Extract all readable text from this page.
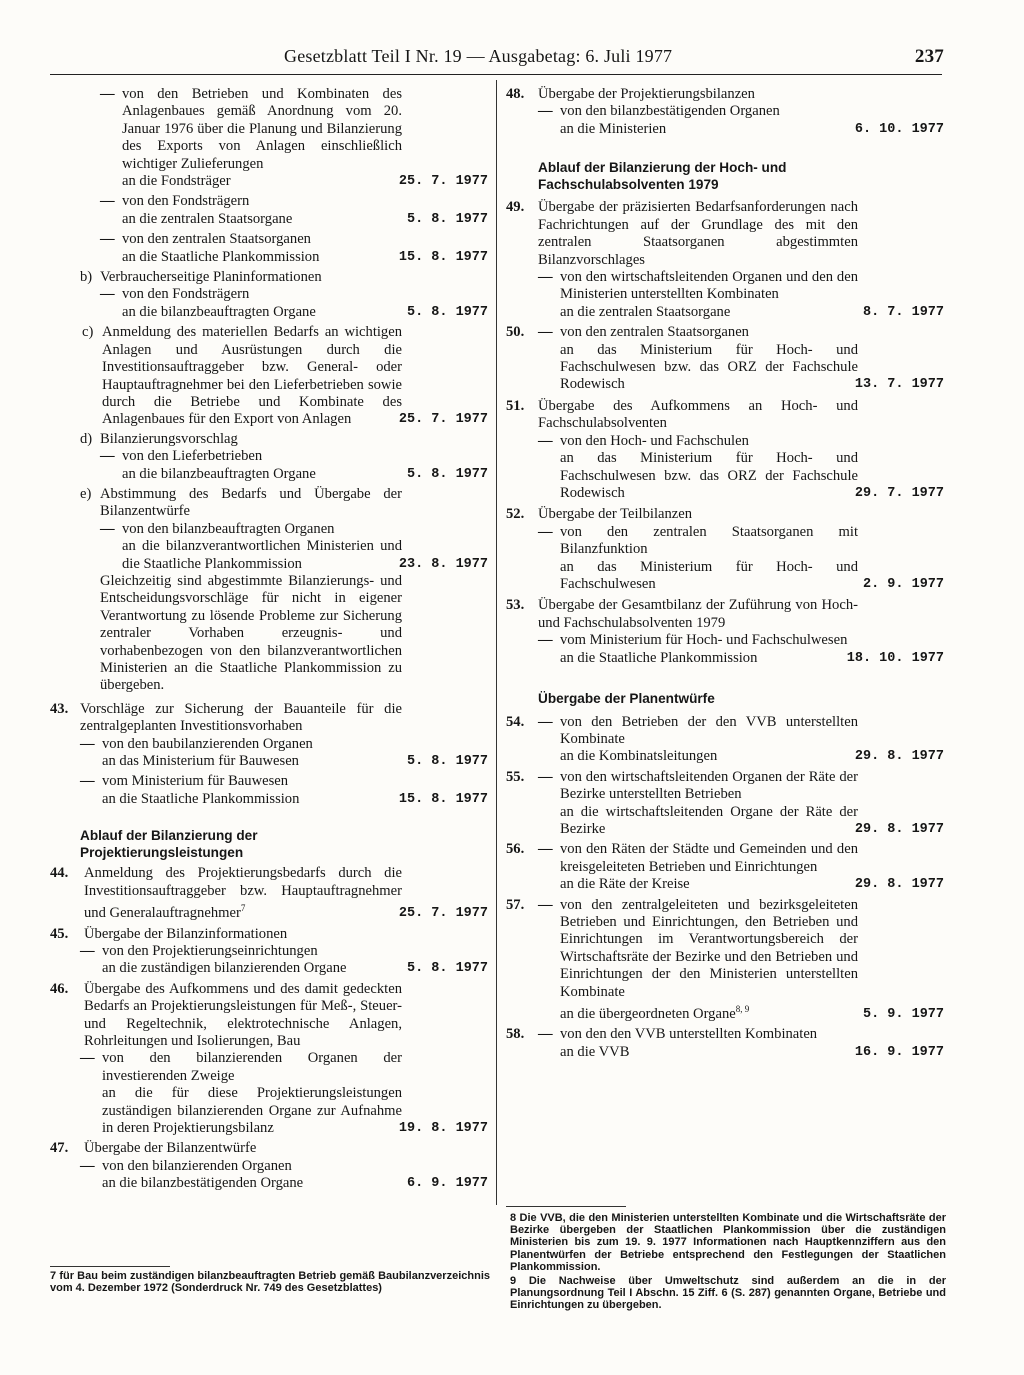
Gesetzblatt Teil I Nr. 19 — Ausgabetag: 6. Juli 1977	237
— von den Betrieben und Kombinaten des Anlagenbaues gemäß Anordnung vom 20. Januar 1976 über die Planung und Bilanzierung des Exports von Anlagen einschließlich wichtiger Zulieferungen
an die Fondsträger	25. 7. 1977
— von den Fondsträgern
an die zentralen Staatsorgane	5. 8. 1977
— von den zentralen Staatsorganen
an die Staatliche Plankommission	15. 8. 1977
b) Verbraucherseitige Planinformationen
— von den Fondsträgern
an die bilanzbeauftragten Organe	5. 8. 1977
c) Anmeldung des materiellen Bedarfs an wichtigen Anlagen und Ausrüstungen durch die Investitionsauftraggeber bzw. General- oder Hauptauftragnehmer bei den Lieferbetrieben sowie durch die Betriebe und Kombinate des Anlagenbaues für den Export von Anlagen	25. 7. 1977
d) Bilanzierungsvorschlag
— von den Lieferbetrieben
an die bilanzbeauftragten Organe	5. 8. 1977
e) Abstimmung des Bedarfs und Übergabe der Bilanzentwürfe
— von den bilanzbeauftragten Organen
an die bilanzverantwortlichen Ministerien und die Staatliche Plankommission	23. 8. 1977
Gleichzeitig sind abgestimmte Bilanzierungs- und Entscheidungsvorschläge für nicht in eigener Verantwortung zu lösende Probleme zur Sicherung zentraler Vorhaben erzeugnis- und vorhabenbezogen von den bilanzverantwortlichen Ministerien an die Staatliche Plankommission zu übergeben.
43. Vorschläge zur Sicherung der Bauanteile für die zentralgeplanten Investitionsvorhaben
— von den baubilanzierenden Organen
an das Ministerium für Bauwesen	5. 8. 1977
— vom Ministerium für Bauwesen
an die Staatliche Plankommission	15. 8. 1977
Ablauf der Bilanzierung der Projektierungsleistungen
44. Anmeldung des Projektierungsbedarfs durch die Investitionsauftraggeber bzw. Hauptauftragnehmer und Generalauftragnehmer$^7$	25. 7. 1977
45. Übergabe der Bilanzinformationen
— von den Projektierungseinrichtungen
an die zuständigen bilanzierenden Organe	5. 8. 1977
46. Übergabe des Aufkommens und des damit gedeckten Bedarfs an Projektierungsleistungen für Meß-, Steuer- und Regeltechnik, elektrotechnische Anlagen, Rohrleitungen und Isolierungen, Bau
— von den bilanzierenden Organen der investierenden Zweige
an die für diese Projektierungsleistungen zuständigen bilanzierenden Organe zur Aufnahme in deren Projektierungsbilanz	19. 8. 1977
47. Übergabe der Bilanzentwürfe
— von den bilanzierenden Organen
an die bilanzbestätigenden Organe	6. 9. 1977
7 für Bau beim zuständigen bilanzbeauftragten Betrieb gemäß Baubilanzverzeichnis vom 4. Dezember 1972 (Sonderdruck Nr. 749 des Gesetzblattes)
48. Übergabe der Projektierungsbilanzen
— von den bilanzbestätigenden Organen
an die Ministerien	6. 10. 1977
Ablauf der Bilanzierung der Hoch- und Fachschulabsolventen 1979
49. Übergabe der präzisierten Bedarfsanforderungen nach Fachrichtungen auf der Grundlage des mit den zentralen Staatsorganen abgestimmten Bilanzvorschlages
— von den wirtschaftsleitenden Organen und den den Ministerien unterstellten Kombinaten
an die zentralen Staatsorgane	8. 7. 1977
50. — von den zentralen Staatsorganen
an das Ministerium für Hoch- und Fachschulwesen bzw. das ORZ der Fachschule Rodewisch	13. 7. 1977
51. Übergabe des Aufkommens an Hoch- und Fachschulabsolventen
— von den Hoch- und Fachschulen
an das Ministerium für Hoch- und Fachschulwesen bzw. das ORZ der Fachschule Rodewisch	29. 7. 1977
52. Übergabe der Teilbilanzen
— von den zentralen Staatsorganen mit Bilanzfunktion
an das Ministerium für Hoch- und Fachschulwesen	2. 9. 1977
53. Übergabe der Gesamtbilanz der Zuführung von Hoch- und Fachschulabsolventen 1979
— vom Ministerium für Hoch- und Fachschulwesen
an die Staatliche Plankommission	18. 10. 1977
Übergabe der Planentwürfe
54. — von den Betrieben der den VVB unterstellten Kombinate
an die Kombinatsleitungen	29. 8. 1977
55. — von den wirtschaftsleitenden Organen der Räte der Bezirke unterstellten Betrieben
an die wirtschaftsleitenden Organe der Räte der Bezirke	29. 8. 1977
56. — von den Räten der Städte und Gemeinden und den kreisgeleiteten Betrieben und Einrichtungen
an die Räte der Kreise	29. 8. 1977
57. — von den zentralgeleiteten und bezirksgeleiteten Betrieben und Einrichtungen, den Betrieben und Einrichtungen im Verantwortungsbereich der Wirtschaftsräte der Bezirke und den Betrieben und Einrichtungen der den Ministerien unterstellten Kombinate
an die übergeordneten Organe$^{8, 9}$	5. 9. 1977
58. — von den den VVB unterstellten Kombinaten
an die VVB	16. 9. 1977
8 Die VVB, die den Ministerien unterstellten Kombinate und die Wirtschaftsräte der Bezirke übergeben der Staatlichen Plankommission über die zuständigen Ministerien bis zum 19. 9. 1977 Informationen nach Hauptkennziffern aus den Planentwürfen der Betriebe entsprechend den Festlegungen der Staatlichen Plankommission.
9 Die Nachweise über Umweltschutz sind außerdem an die in der Planungsordnung Teil I Abschn. 15 Ziff. 6 (S. 287) genannten Organe, Betriebe und Einrichtungen zu übergeben.
